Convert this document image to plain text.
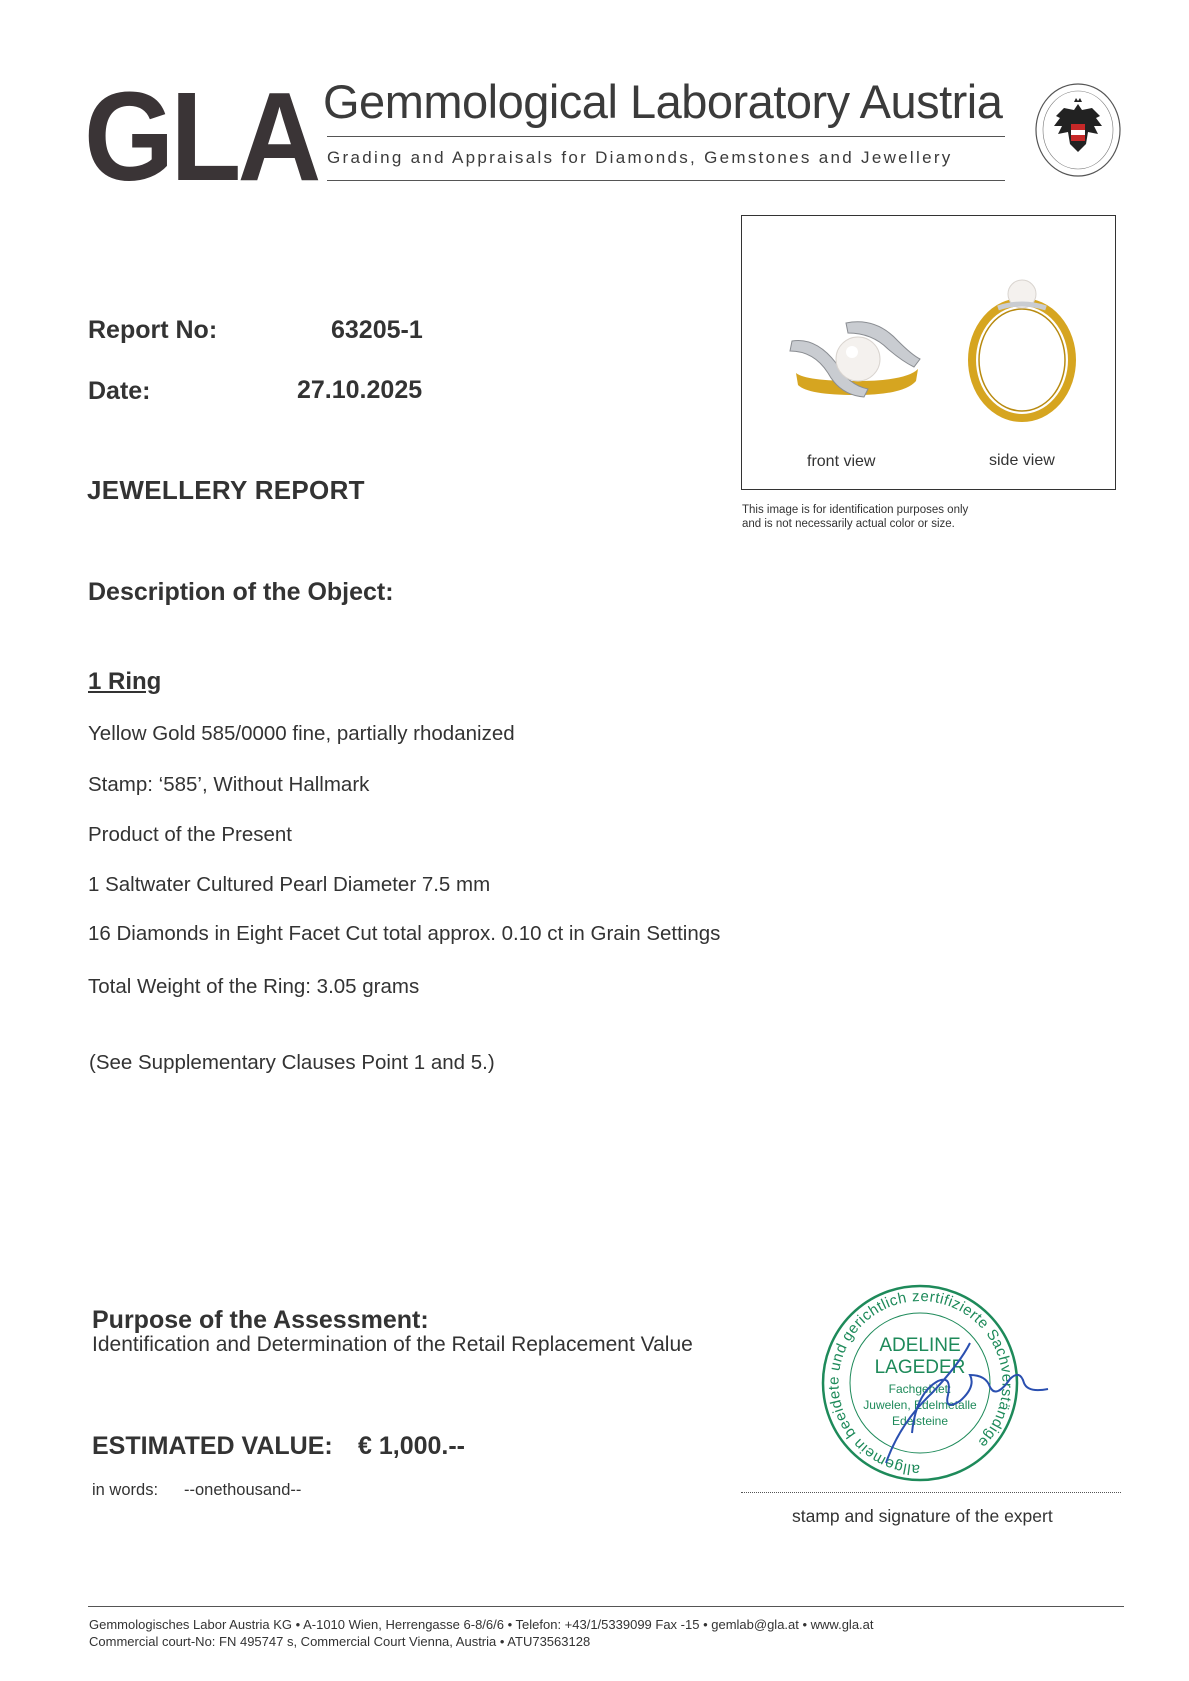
GLA Gemmological Laboratory Austria
Grading and Appraisals for Diamonds, Gemstones and Jewellery
Report No:	63205-1
Date:	27.10.2025
JEWELLERY REPORT
front view	side view
This image is for identification purposes only
and is not necessarily actual color or size.
Description of the Object:
1 Ring
Yellow Gold 585/0000 fine, partially rhodanized
Stamp: ‘585’, Without Hallmark
Product of the Present
1 Saltwater Cultured Pearl Diameter 7.5 mm
16 Diamonds in Eight Facet Cut total approx. 0.10 ct in Grain Settings
Total Weight of the Ring: 3.05 grams
(See Supplementary Clauses Point 1 and 5.)
Purpose of the Assessment:
Identification and Determination of the Retail Replacement Value
ESTIMATED VALUE: € 1,000.--
in words: --onethousand--
allgemein beeidete und gerichtlich zertifizierte Sachverständige
ADELINE
LAGEDER
Fachgebiet:
Juwelen, Edelmetalle
Edelsteine
stamp and signature of the expert
Gemmologisches Labor Austria KG • A-1010 Wien, Herrengasse 6-8/6/6 • Telefon: +43/1/5339099 Fax -15 • gemlab@gla.at • www.gla.at
Commercial court-No: FN 495747 s, Commercial Court Vienna, Austria • ATU73563128
